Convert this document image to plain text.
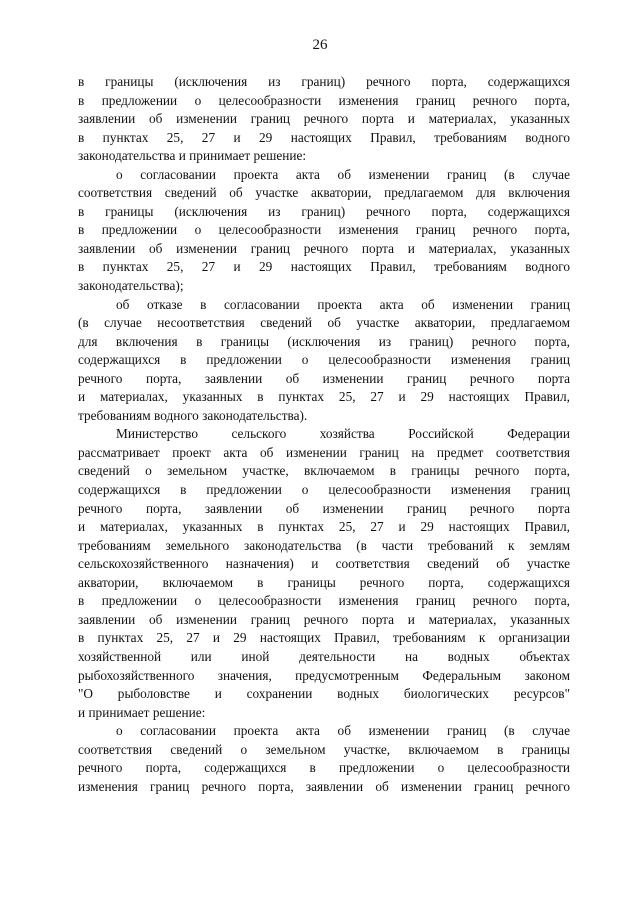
26
в границы (исключения из границ) речного порта, содержащихся
в предложении о целесообразности изменения границ речного порта,
заявлении об изменении границ речного порта и материалах, указанных
в пунктах 25, 27 и 29 настоящих Правил, требованиям водного
законодательства и принимает решение:
о согласовании проекта акта об изменении границ (в случае
соответствия сведений об участке акватории, предлагаемом для включения
в границы (исключения из границ) речного порта, содержащихся
в предложении о целесообразности изменения границ речного порта,
заявлении об изменении границ речного порта и материалах, указанных
в пунктах 25, 27 и 29 настоящих Правил, требованиям водного
законодательства);
об отказе в согласовании проекта акта об изменении границ
(в случае несоответствия сведений об участке акватории, предлагаемом
для включения в границы (исключения из границ) речного порта,
содержащихся в предложении о целесообразности изменения границ
речного порта, заявлении об изменении границ речного порта
и материалах, указанных в пунктах 25, 27 и 29 настоящих Правил,
требованиям водного законодательства).
Министерство сельского хозяйства Российской Федерации
рассматривает проект акта об изменении границ на предмет соответствия
сведений о земельном участке, включаемом в границы речного порта,
содержащихся в предложении о целесообразности изменения границ
речного порта, заявлении об изменении границ речного порта
и материалах, указанных в пунктах 25, 27 и 29 настоящих Правил,
требованиям земельного законодательства (в части требований к землям
сельскохозяйственного назначения) и соответствия сведений об участке
акватории, включаемом в границы речного порта, содержащихся
в предложении о целесообразности изменения границ речного порта,
заявлении об изменении границ речного порта и материалах, указанных
в пунктах 25, 27 и 29 настоящих Правил, требованиям к организации
хозяйственной или иной деятельности на водных объектах
рыбохозяйственного значения, предусмотренным Федеральным законом
"О рыболовстве и сохранении водных биологических ресурсов"
и принимает решение:
о согласовании проекта акта об изменении границ (в случае
соответствия сведений о земельном участке, включаемом в границы
речного порта, содержащихся в предложении о целесообразности
изменения границ речного порта, заявлении об изменении границ речного
